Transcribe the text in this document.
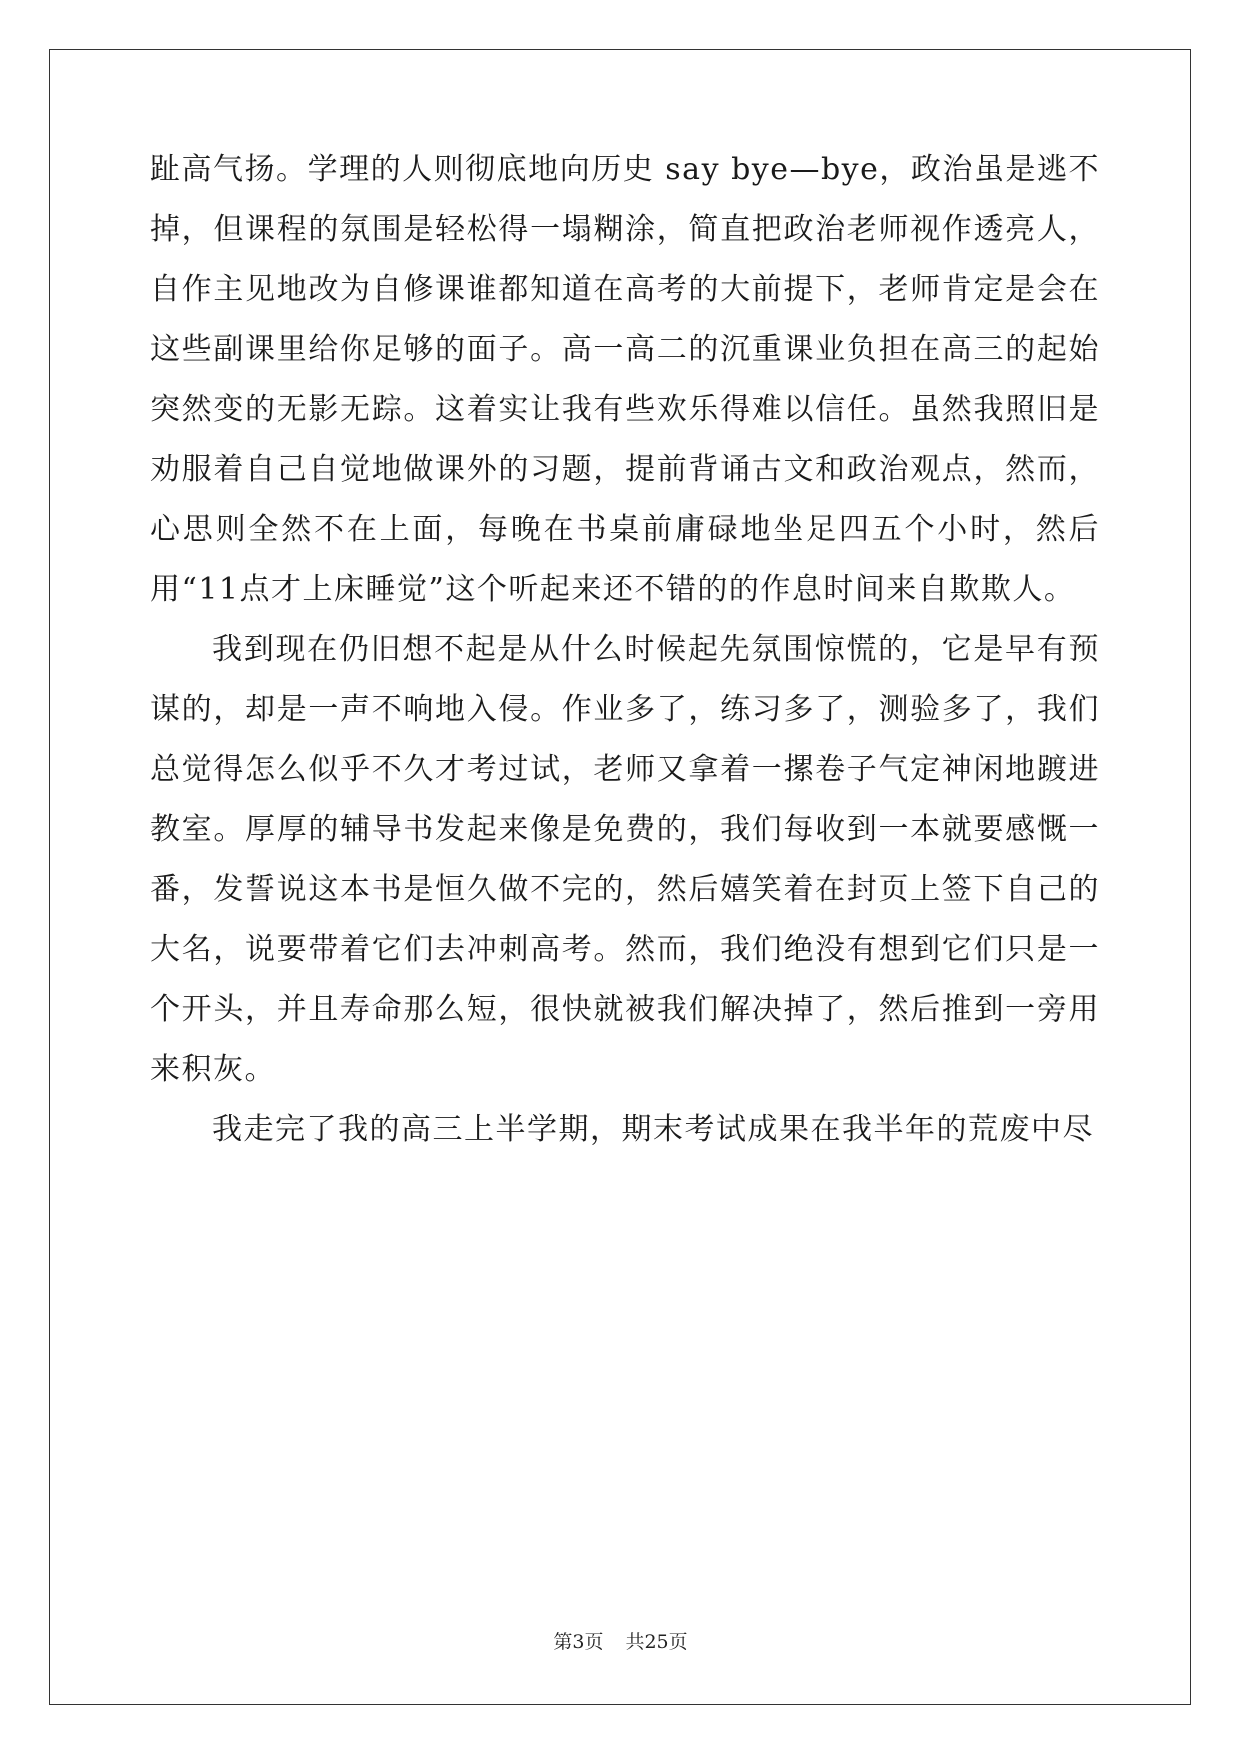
趾高气扬。学理的人则彻底地向历史 say bye—bye，政治虽是逃不掉，但课程的氛围是轻松得一塌糊涂，简直把政治老师视作透亮人，自作主见地改为自修课谁都知道在高考的大前提下，老师肯定是会在这些副课里给你足够的面子。高一高二的沉重课业负担在高三的起始突然变的无影无踪。这着实让我有些欢乐得难以信任。虽然我照旧是劝服着自己自觉地做课外的习题，提前背诵古文和政治观点，然而，心思则全然不在上面，每晚在书桌前庸碌地坐足四五个小时，然后用“11点才上床睡觉”这个听起来还不错的的作息时间来自欺欺人。

我到现在仍旧想不起是从什么时候起先氛围惊慌的，它是早有预谋的，却是一声不响地入侵。作业多了，练习多了，测验多了，我们总觉得怎么似乎不久才考过试，老师又拿着一摞卷子气定神闲地踱进教室。厚厚的辅导书发起来像是免费的，我们每收到一本就要感慨一番，发誓说这本书是恒久做不完的，然后嬉笑着在封页上签下自己的大名，说要带着它们去冲刺高考。然而，我们绝没有想到它们只是一个开头，并且寿命那么短，很快就被我们解决掉了，然后推到一旁用来积灰。

我走完了我的高三上半学期，期末考试成果在我半年的荒废中尽

第3页 共25页
